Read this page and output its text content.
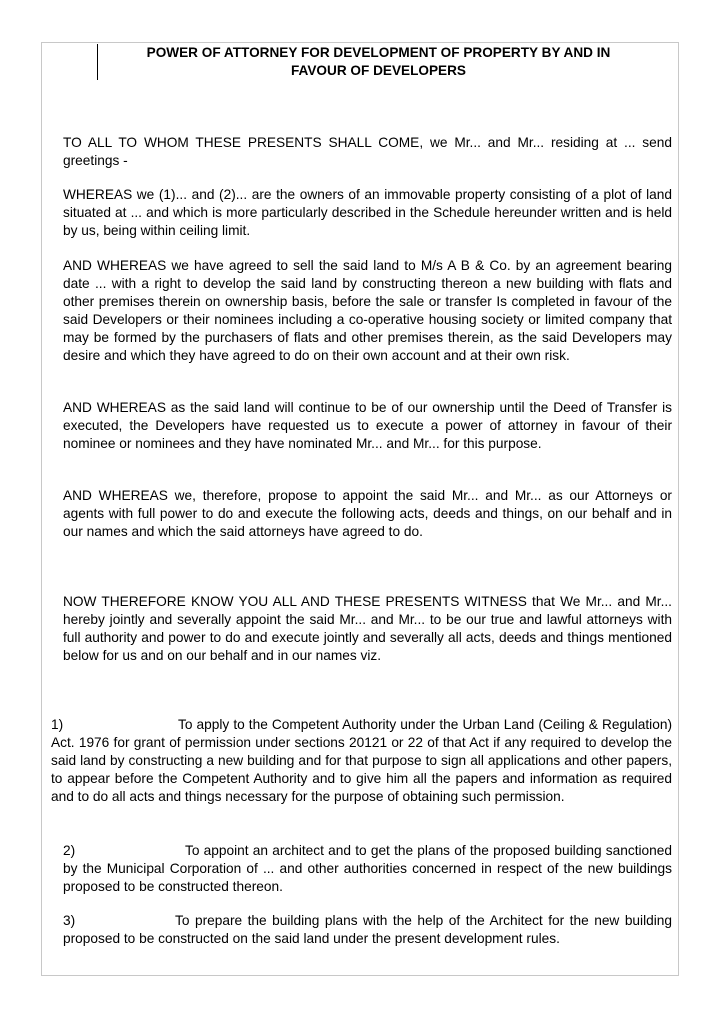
POWER OF ATTORNEY FOR DEVELOPMENT OF PROPERTY BY AND IN
FAVOUR OF DEVELOPERS

TO ALL TO WHOM THESE PRESENTS SHALL COME, we Mr... and Mr... residing at ... send greetings -

WHEREAS we (1)... and (2)... are the owners of an immovable property consisting of a plot of land situated at ... and which is more particularly described in the Schedule hereunder written and is held by us, being within ceiling limit.

AND WHEREAS we have agreed to sell the said land to M/s A B & Co. by an agreement bearing date ... with a right to develop the said land by constructing thereon a new building with flats and other premises therein on ownership basis, before the sale or transfer Is completed in favour of the said Developers or their nominees including a co-operative housing society or limited company that may be formed by the purchasers of flats and other premises therein, as the said Developers may desire and which they have agreed to do on their own account and at their own risk.

AND WHEREAS as the said land will continue to be of our ownership until the Deed of Transfer is executed, the Developers have requested us to execute a power of attorney in favour of their nominee or nominees and they have nominated Mr... and Mr... for this purpose.

AND WHEREAS we, therefore, propose to appoint the said Mr... and Mr... as our Attorneys or agents with full power to do and execute the following acts, deeds and things, on our behalf and in our names and which the said attorneys have agreed to do.

NOW THEREFORE KNOW YOU ALL AND THESE PRESENTS WITNESS that We Mr... and Mr... hereby jointly and severally appoint the said Mr... and Mr... to be our true and lawful attorneys with full authority and power to do and execute jointly and severally all acts, deeds and things mentioned below for us and on our behalf and in our names viz.

1)	To apply to the Competent Authority under the Urban Land (Ceiling & Regulation) Act. 1976 for grant of permission under sections 20121 or 22 of that Act if any required to develop the said land by constructing a new building and for that purpose to sign all applications and other papers, to appear before the Competent Authority and to give him all the papers and information as required and to do all acts and things necessary for the purpose of obtaining such permission.

2)	To appoint an architect and to get the plans of the proposed building sanctioned by the Municipal Corporation of ... and other authorities concerned in respect of the new buildings proposed to be constructed thereon.

3)	To prepare the building plans with the help of the Architect for the new building proposed to be constructed on the said land under the present development rules.
